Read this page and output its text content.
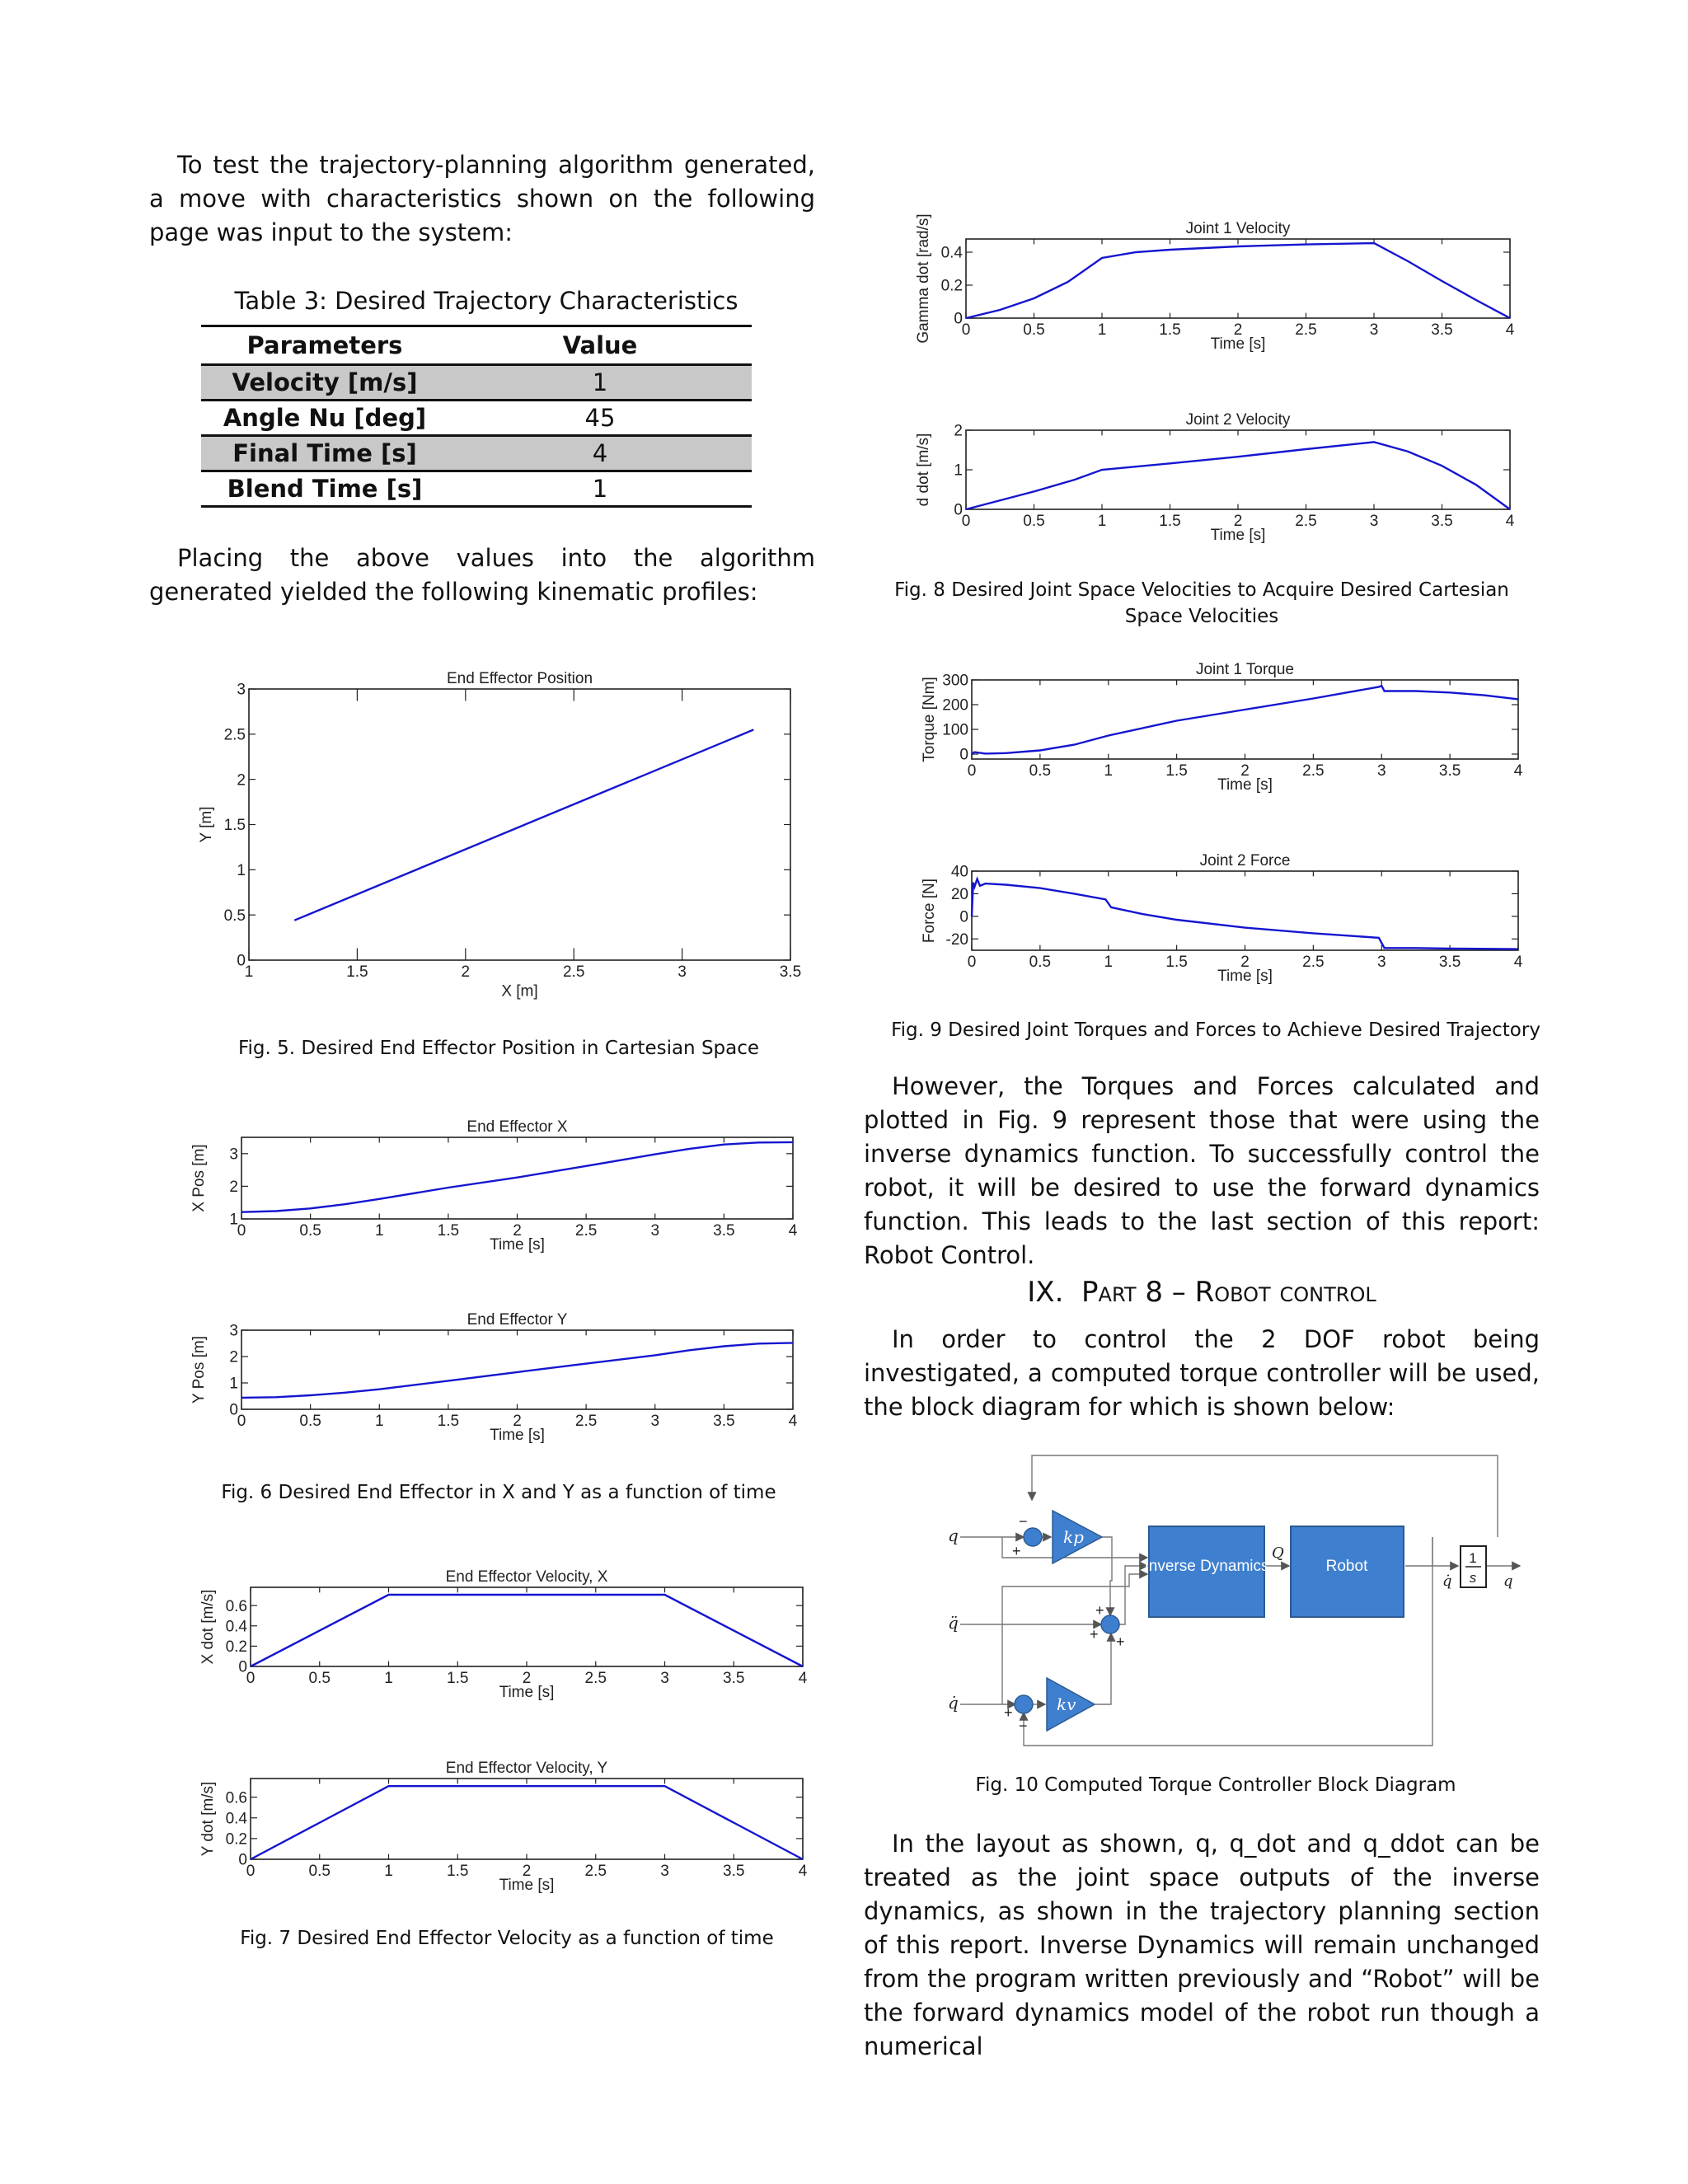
To test the trajectory-planning algorithm generated, a move with characteristics shown on the following page was input to the system:
Table 3: Desired Trajectory Characteristics
Parameters	Value
Velocity [m/s]	1
Angle Nu [deg]	45
Final Time [s]	4
Blend Time [s]	1
Placing the above values into the algorithm generated yielded the following kinematic profiles:
1	1.5	2	2.5	3	3.5
0
0.5
1
1.5
2
2.5
3
End Effector Position
X [m]
Y [m]
Fig. 5. Desired End Effector Position in Cartesian Space
0	0.5	1	1.5	2	2.5	3	3.5	4
1
2
3
End Effector X
Time [s]
X Pos [m]
0	0.5	1	1.5	2	2.5	3	3.5	4
0
1
2
3
End Effector Y
Time [s]
Y Pos [m]
Fig. 6 Desired End Effector in X and Y as a function of time
0	0.5	1	1.5	2	2.5	3	3.5	4
0
0.2
0.4
0.6
End Effector Velocity, X
Time [s]
X dot [m/s]
0	0.5	1	1.5	2	2.5	3	3.5	4
0
0.2
0.4
0.6
End Effector Velocity, Y
Time [s]
Y dot [m/s]
Fig. 7 Desired End Effector Velocity as a function of time
0	0.5	1	1.5	2	2.5	3	3.5	4
0
0.2
0.4
Joint 1 Velocity
Time [s]
Gamma dot [rad/s]
0	0.5	1	1.5	2	2.5	3	3.5	4
0
1
2
Joint 2 Velocity
Time [s]
d dot [m/s]
Fig. 8 Desired Joint Space Velocities to Acquire Desired Cartesian Space Velocities
0	0.5	1	1.5	2	2.5	3	3.5	4
0
100
200
300
Joint 1 Torque
Time [s]
Torque [Nm]
0	0.5	1	1.5	2	2.5	3	3.5	4
-20
0
20
40
Joint 2 Force
Time [s]
Force [N]
Fig. 9 Desired Joint Torques and Forces to Achieve Desired Trajectory
However, the Torques and Forces calculated and plotted in Fig. 9 represent those that were using the inverse dynamics function. To successfully control the robot, it will be desired to use the forward dynamics function. This leads to the last section of this report: Robot Control.
IX. Part 8 – Robot control
In order to control the 2 DOF robot being investigated, a computed torque controller will be used, the block diagram for which is shown below:
kp
kv
Inverse Dynamics	Robot	1
s
q
q̈
q̇
Q
q̇	q
−
+
+
+ +
+
−
Fig. 10 Computed Torque Controller Block Diagram
In the layout as shown, q, q_dot and q_ddot can be treated as the joint space outputs of the inverse dynamics, as shown in the trajectory planning section of this report. Inverse Dynamics will remain unchanged from the program written previously and “Robot” will be the forward dynamics model of the robot run though a numerical
